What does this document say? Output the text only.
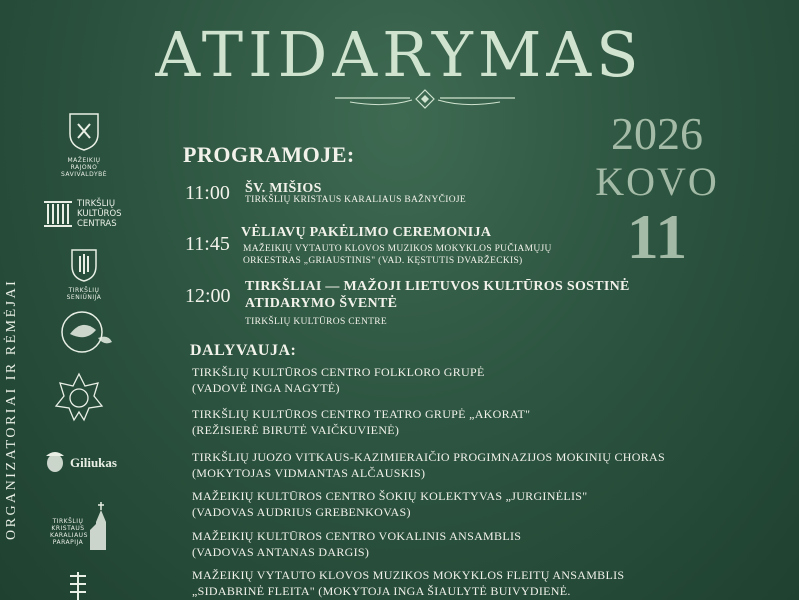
ATIDARYMAS
2026
KOVO
11
PROGRAMOJE:
11:00 ŠV. MIŠIOS
TIRKŠLIŲ KRISTAUS KARALIAUS BAŽNYČIOJE
11:45
VĖLIAVŲ PAKĖLIMO CEREMONIJA
MAŽEIKIŲ VYTAUTO KLOVOS MUZIKOS MOKYKLOS PUČIAMŲJŲ
ORKESTRAS „GRIAUSTINIS" (VAD. KĘSTUTIS DVARŽECKIS)
12:00 TIRKŠLIAI — MAŽOJI LIETUVOS KULTŪROS SOSTINĖ
ATIDARYMO ŠVENTĖ
TIRKŠLIŲ KULTŪROS CENTRE
DALYVAUJA:
TIRKŠLIŲ KULTŪROS CENTRO FOLKLORO GRUPĖ
(VADOVĖ INGA NAGYTĖ)
TIRKŠLIŲ KULTŪROS CENTRO TEATRO GRUPĖ „AKORAT"
(REŽISIERĖ BIRUTĖ VAIČKUVIENĖ)
TIRKŠLIŲ JUOZO VITKAUS-KAZIMIERAIČIO PROGIMNAZIJOS MOKINIŲ CHORAS
(MOKYTOJAS VIDMANTAS ALČAUSKIS)
MAŽEIKIŲ KULTŪROS CENTRO ŠOKIŲ KOLEKTYVAS „JURGINĖLIS"
(VADOVAS AUDRIUS GREBENKOVAS)
MAŽEIKIŲ KULTŪROS CENTRO VOKALINIS ANSAMBLIS
(VADOVAS ANTANAS DARGIS)
MAŽEIKIŲ VYTAUTO KLOVOS MUZIKOS MOKYKLOS FLEITŲ ANSAMBLIS
„SIDABRINĖ FLEITA" (MOKYTOJA INGA ŠIAULYTĖ BUIVYDIENĖ.
ORGANIZATORIAI IR RĖMĖJAI
MAŽEIKIŲ
RAJONO
SAVIVALDYBĖ
TIRKŠLIŲ
KULTŪROS
CENTRAS
TIRKŠLIŲ
SENIŪNIJA
Giliukas
TIRKŠLIŲ
KRISTAUS
KARALIAUS
PARAPIJA
